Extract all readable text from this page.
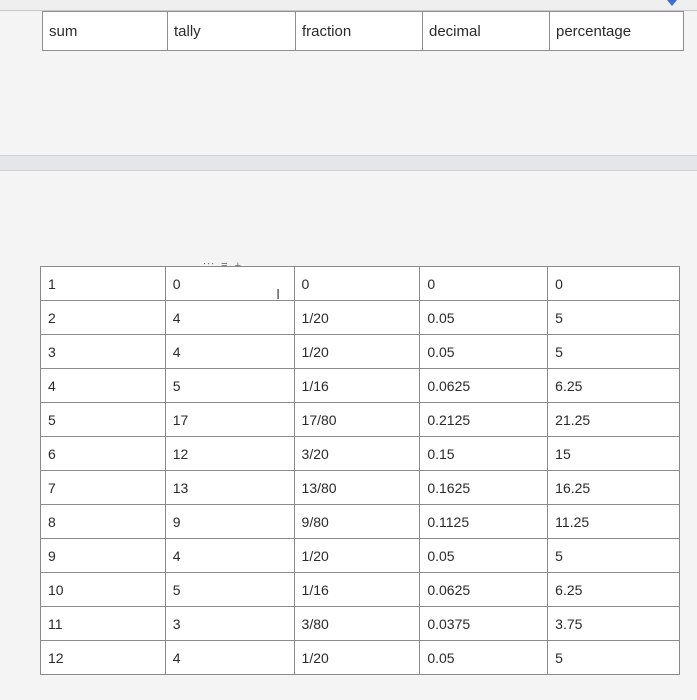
sum	tally	fraction	decimal	percentage
1	0	0	0	0
2	4	1/20	0.05	5
3	4	1/20	0.05	5
4	5	1/16	0.0625	6.25
5	17	17/80	0.2125	21.25
6	12	3/20	0.15	15
7	13	13/80	0.1625	16.25
8	9	9/80	0.1125	11.25
9	4	1/20	0.05	5
10	5	1/16	0.0625	6.25
11	3	3/80	0.0375	3.75
12	4	1/20	0.05	5
I
